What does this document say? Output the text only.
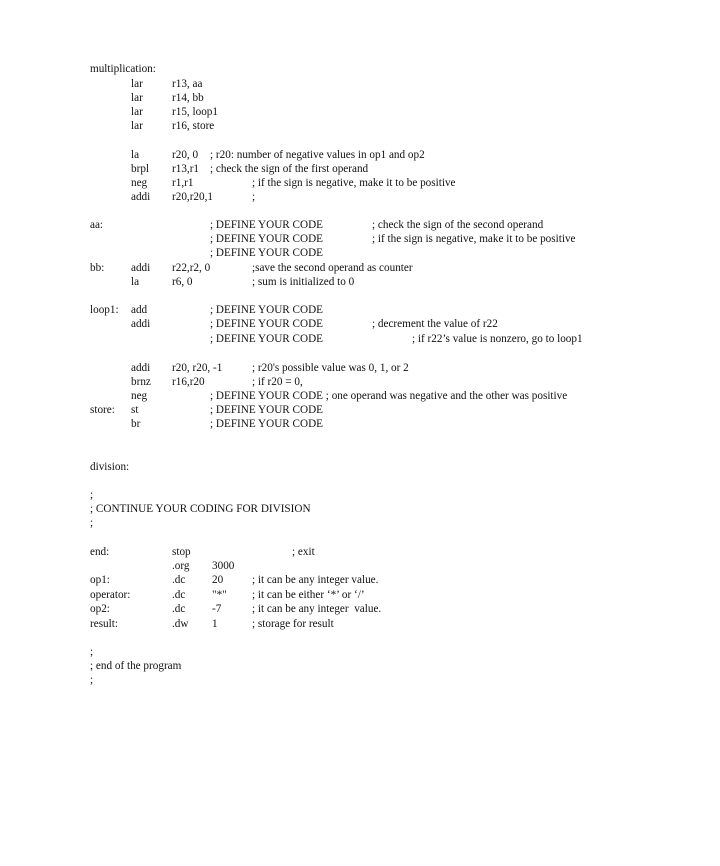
multiplication:
lar	r13, aa
lar	r14, bb
lar	r15, loop1
lar	r16, store
la	r20, 0 ; r20: number of negative values in op1 and op2
brpl r13,r1 ; check the sign of the first operand
neg r1,r1	; if the sign is negative, make it to be positive
addi r20,r20,1	;
aa:	; DEFINE YOUR CODE	; check the sign of the second operand
; DEFINE YOUR CODE	; if the sign is negative, make it to be positive
; DEFINE YOUR CODE
bb: addi r22,r2, 0	;save the second operand as counter
la	r6, 0	; sum is initialized to 0
loop1: add	; DEFINE YOUR CODE
addi	; DEFINE YOUR CODE	; decrement the value of r22
; DEFINE YOUR CODE	; if r22’s value is nonzero, go to loop1
addi r20, r20, -1	; r20's possible value was 0, 1, or 2
brnz r16,r20	; if r20 = 0,
neg	; DEFINE YOUR CODE ; one operand was negative and the other was positive
store: st	; DEFINE YOUR CODE
br	; DEFINE YOUR CODE
division:
;
; CONTINUE YOUR CODING FOR DIVISION
;
end:	stop	; exit
.org 3000
op1:	.dc 20	; it can be any integer value.
operator:	.dc "*" ; it can be either ‘*’ or ‘/’
op2:	.dc -7	; it can be any integer  value.
result:	.dw 1	; storage for result
;
; end of the program
;
